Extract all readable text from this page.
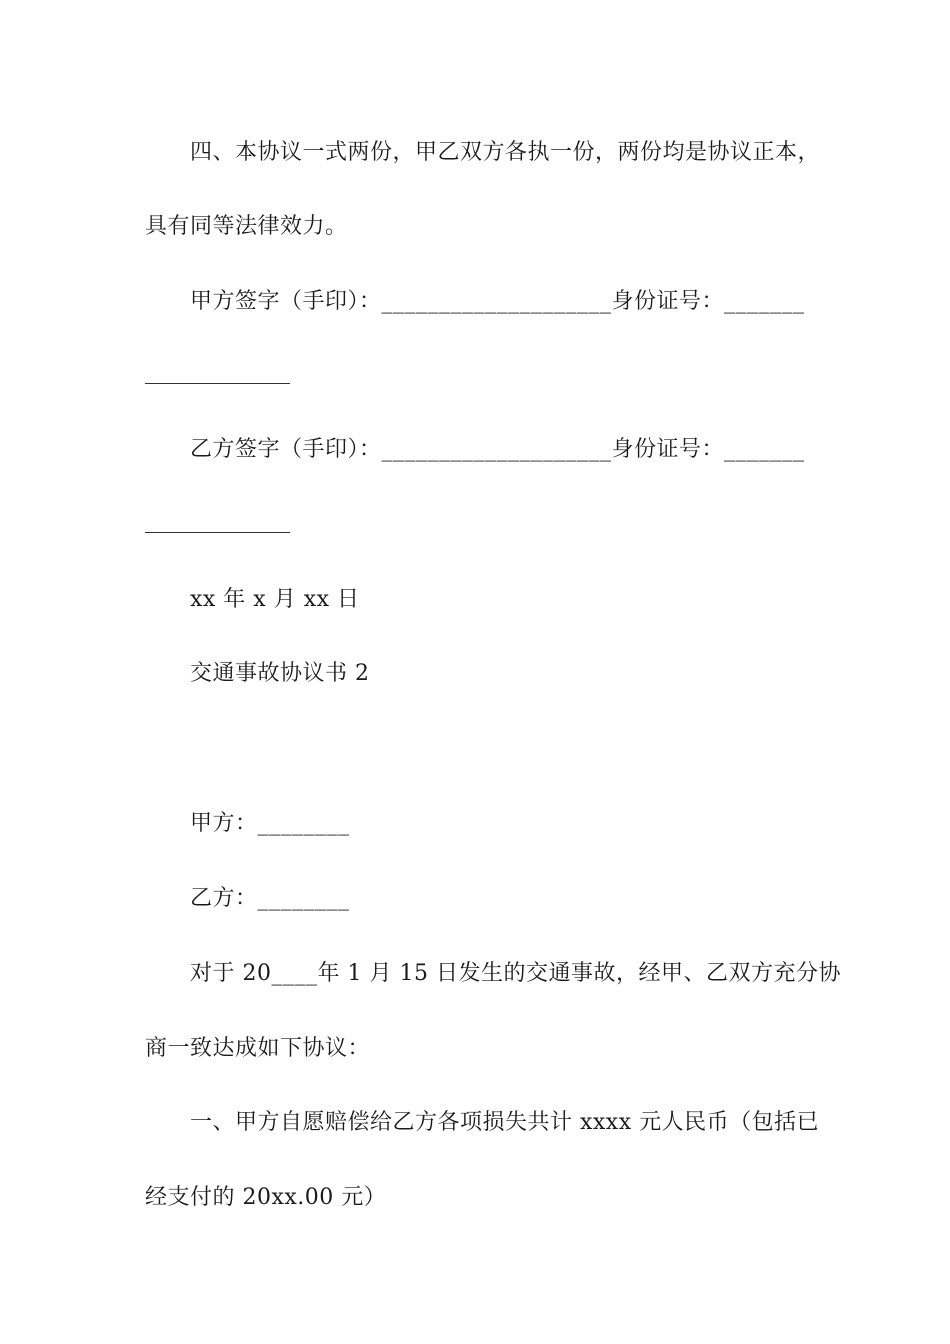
四、本协议一式两份，甲乙双方各执一份，两份均是协议正本，
具有同等法律效力。
甲方签字（手印）：____________________身份证号：_______
乙方签字（手印）：____________________身份证号：_______
xx 年 x 月 xx 日
交通事故协议书 2
甲方：________
乙方：________
对于 20____年 1 月 15 日发生的交通事故，经甲、乙双方充分协
商一致达成如下协议：
一、甲方自愿赔偿给乙方各项损失共计 xxxx 元人民币（包括已
经支付的 20xx.00 元）
